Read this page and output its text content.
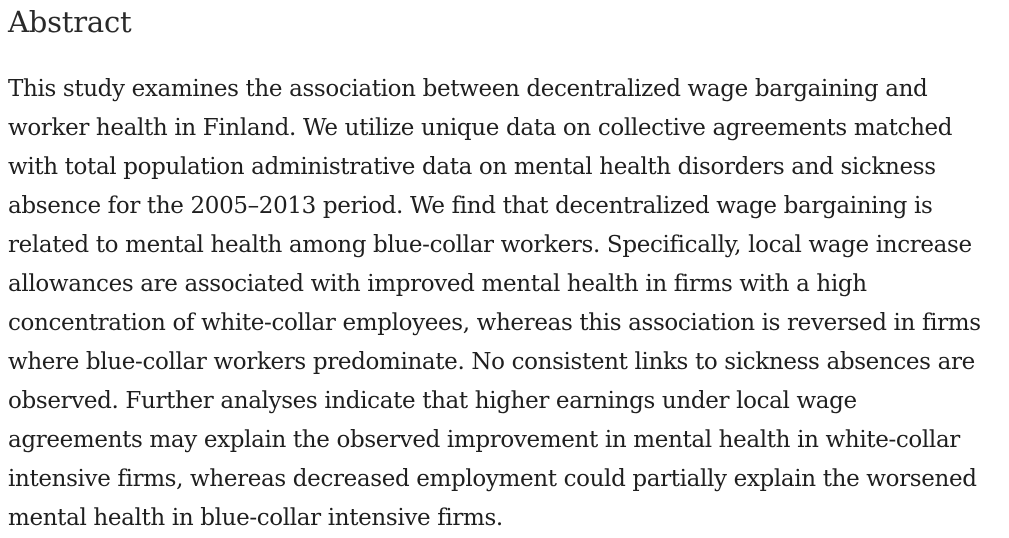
Abstract

This study examines the association between decentralized wage bargaining and worker health in Finland. We utilize unique data on collective agreements matched with total population administrative data on mental health disorders and sickness absence for the 2005–2013 period. We find that decentralized wage bargaining is related to mental health among blue-collar workers. Specifically, local wage increase allowances are associated with improved mental health in firms with a high concentration of white-collar employees, whereas this association is reversed in firms where blue-collar workers predominate. No consistent links to sickness absences are observed. Further analyses indicate that higher earnings under local wage agreements may explain the observed improvement in mental health in white-collar intensive firms, whereas decreased employment could partially explain the worsened mental health in blue-collar intensive firms.
